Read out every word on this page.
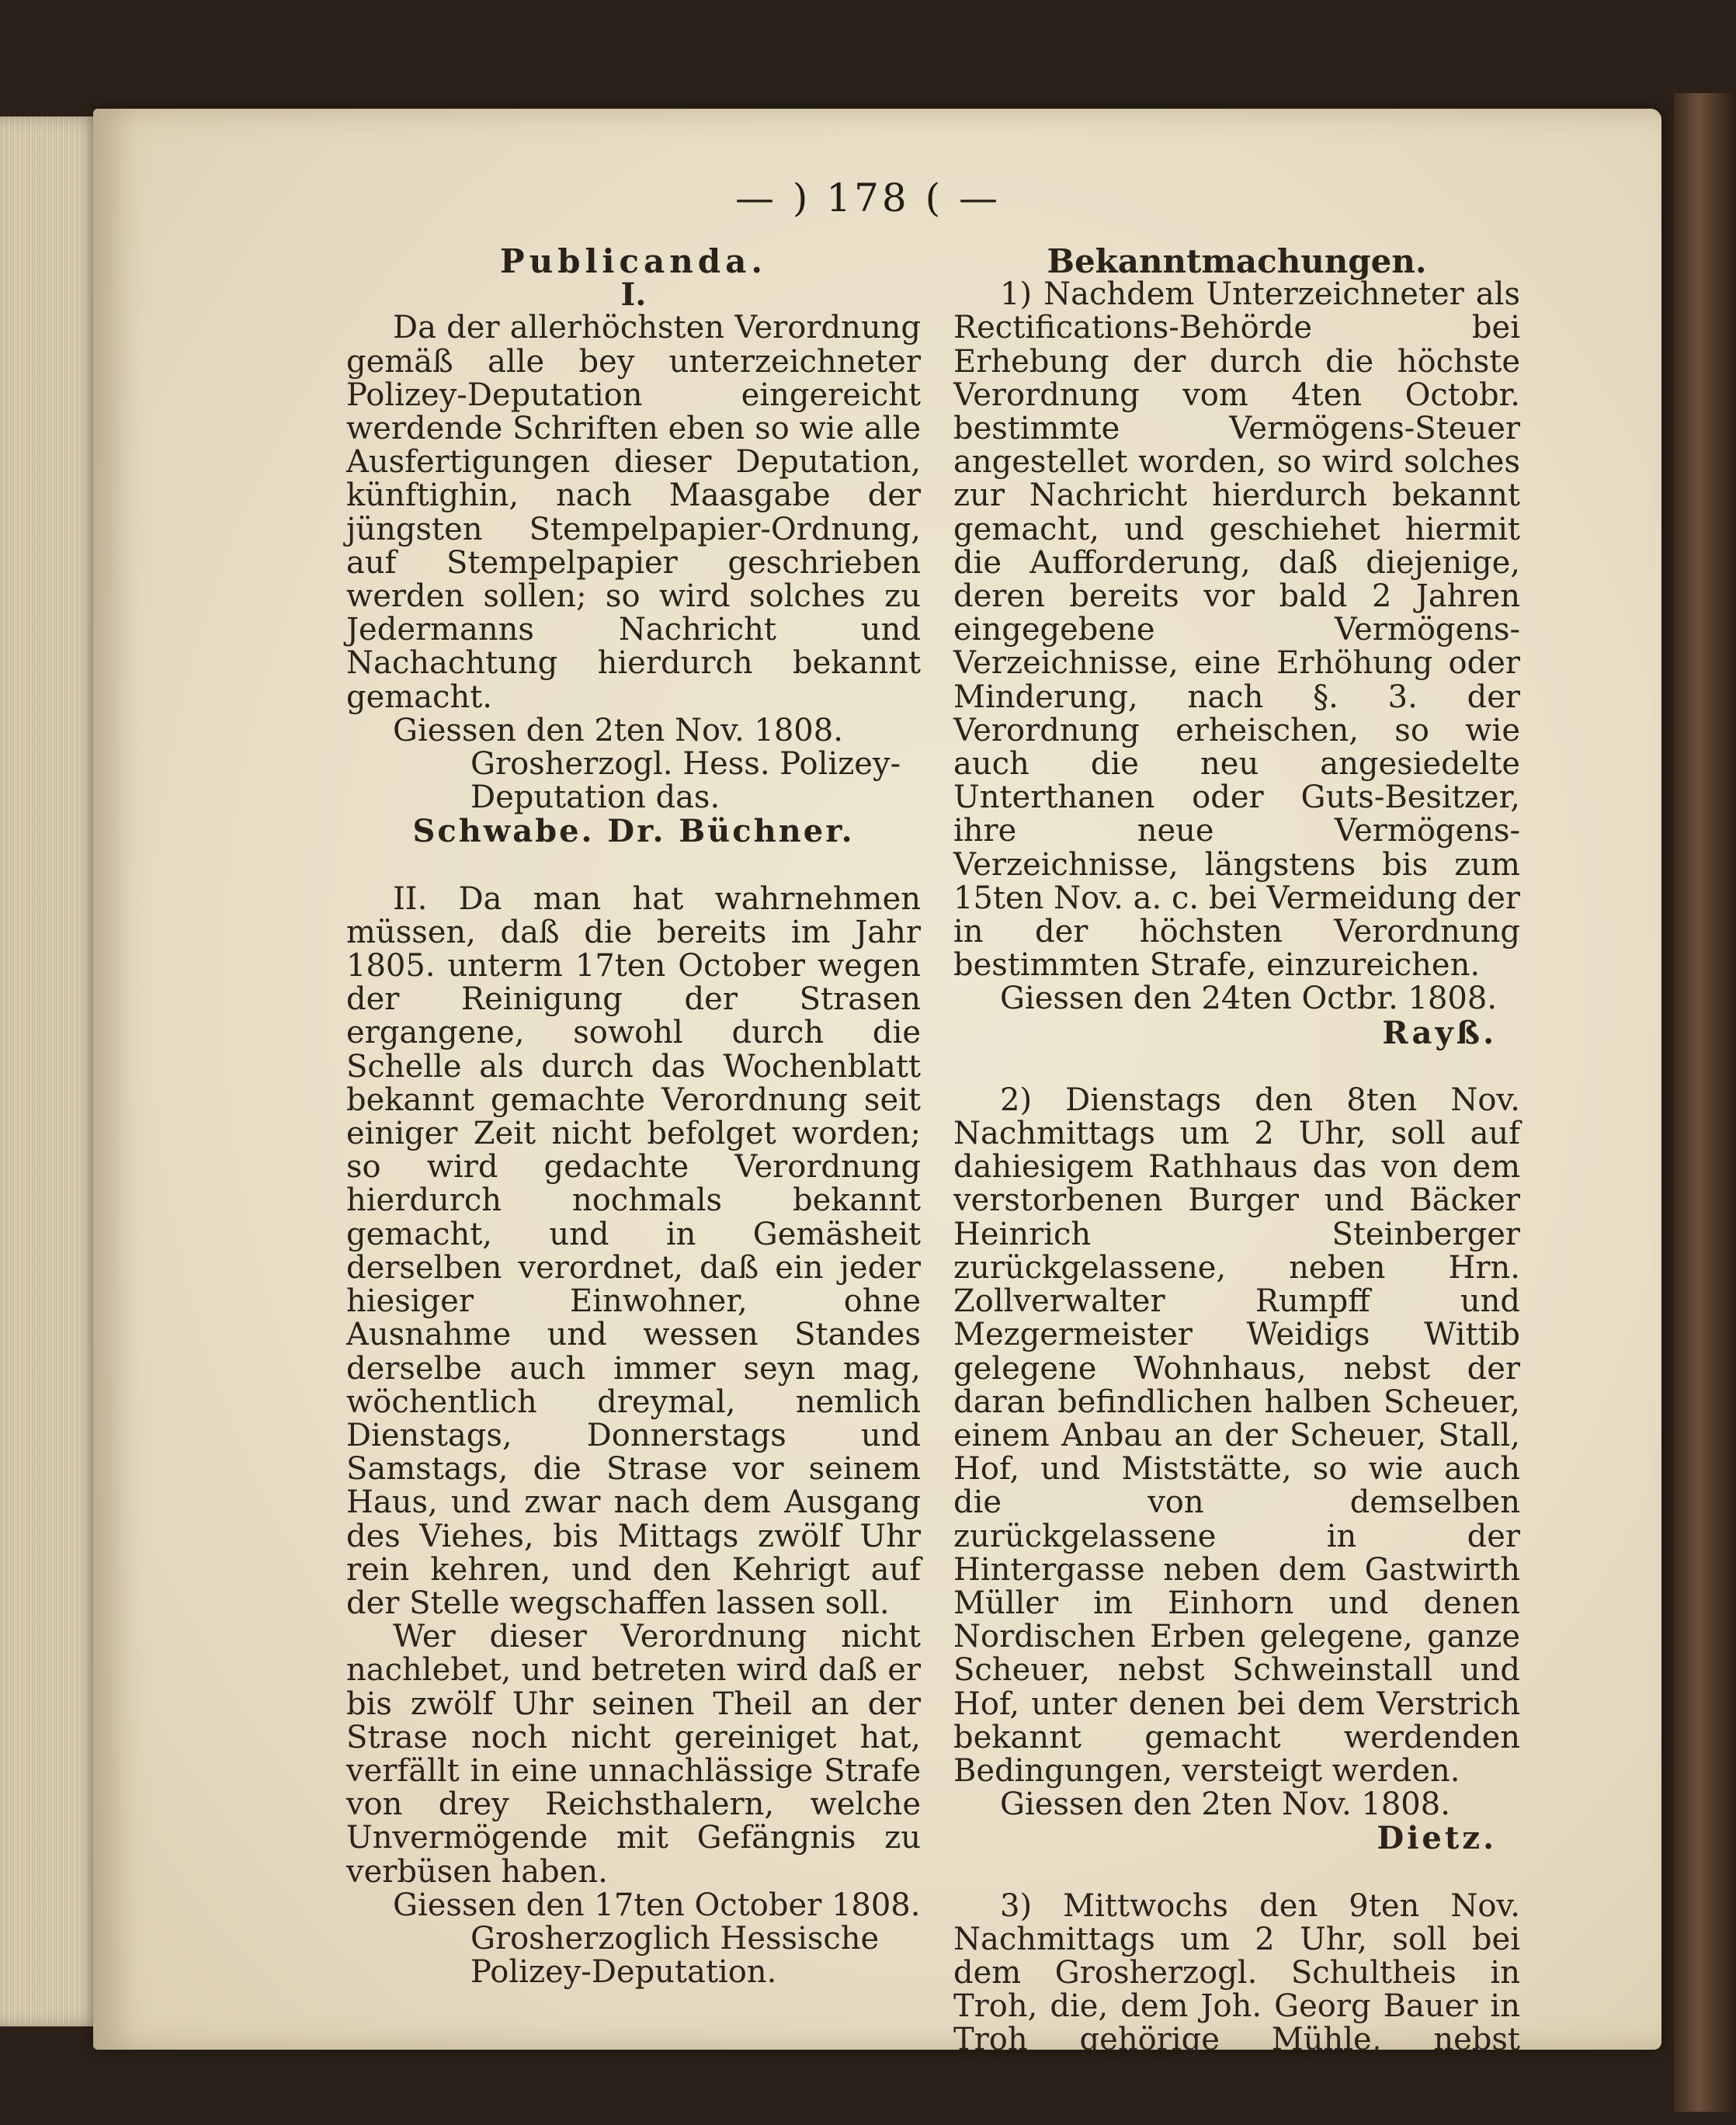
— ) 178 ( —

Publicanda.

I.

Da der allerhöchsten Verordnung gemäß alle bey unterzeichneter Polizey-Deputation eingereicht werdende Schriften eben so wie alle Ausfertigungen dieser Deputation, künftighin, nach Maasgabe der jüngsten Stempelpapier-Ordnung, auf Stempelpapier geschrieben werden sollen; so wird solches zu Jedermanns Nachricht und Nachachtung hierdurch bekannt gemacht.

Giessen den 2ten Nov. 1808.

Grosherzogl. Hess. Polizey-Deputation das.

Schwabe. Dr. Büchner.

II. Da man hat wahrnehmen müssen, daß die bereits im Jahr 1805. unterm 17ten October wegen der Reinigung der Strasen ergangene, sowohl durch die Schelle als durch das Wochenblatt bekannt gemachte Verordnung seit einiger Zeit nicht befolget worden; so wird gedachte Verordnung hierdurch nochmals bekannt gemacht, und in Gemäsheit derselben verordnet, daß ein jeder hiesiger Einwohner, ohne Ausnahme und wessen Standes derselbe auch immer seyn mag, wöchentlich dreymal, nemlich Dienstags, Donnerstags und Samstags, die Strase vor seinem Haus, und zwar nach dem Ausgang des Viehes, bis Mittags zwölf Uhr rein kehren, und den Kehrigt auf der Stelle wegschaffen lassen soll.

Wer dieser Verordnung nicht nachlebet, und betreten wird daß er bis zwölf Uhr seinen Theil an der Strase noch nicht gereiniget hat, verfällt in eine unnachlässige Strafe von drey Reichsthalern, welche Unvermögende mit Gefängnis zu verbüsen haben.

Giessen den 17ten October 1808.

Grosherzoglich Hessische Polizey-Deputation.

Bekanntmachungen.

1) Nachdem Unterzeichneter als Rectifications-Behörde bei Erhebung der durch die höchste Verordnung vom 4ten Octobr. bestimmte Vermögens-Steuer angestellet worden, so wird solches zur Nachricht hierdurch bekannt gemacht, und geschiehet hiermit die Aufforderung, daß diejenige, deren bereits vor bald 2 Jahren eingegebene Vermögens-Verzeichnisse, eine Erhöhung oder Minderung, nach §. 3. der Verordnung erheischen, so wie auch die neu angesiedelte Unterthanen oder Guts-Besitzer, ihre neue Vermögens-Verzeichnisse, längstens bis zum 15ten Nov. a. c. bei Vermeidung der in der höchsten Verordnung bestimmten Strafe, einzureichen.

Giessen den 24ten Octbr. 1808.

Rayß.

2) Dienstags den 8ten Nov. Nachmittags um 2 Uhr, soll auf dahiesigem Rathhaus das von dem verstorbenen Burger und Bäcker Heinrich Steinberger zurückgelassene, neben Hrn. Zollverwalter Rumpff und Mezgermeister Weidigs Wittib gelegene Wohnhaus, nebst der daran befindlichen halben Scheuer, einem Anbau an der Scheuer, Stall, Hof, und Miststätte, so wie auch die von demselben zurückgelassene in der Hintergasse neben dem Gastwirth Müller im Einhorn und denen Nordischen Erben gelegene, ganze Scheuer, nebst Schweinstall und Hof, unter denen bei dem Verstrich bekannt gemacht werdenden Bedingungen, versteigt werden.

Giessen den 2ten Nov. 1808.

Dietz.

3) Mittwochs den 9ten Nov. Nachmittags um 2 Uhr, soll bei dem Grosherzogl. Schultheis in Troh, die, dem Joh. Georg Bauer in Troh gehörige Mühle, nebst Scheuer, Stallung, und

ohn-
